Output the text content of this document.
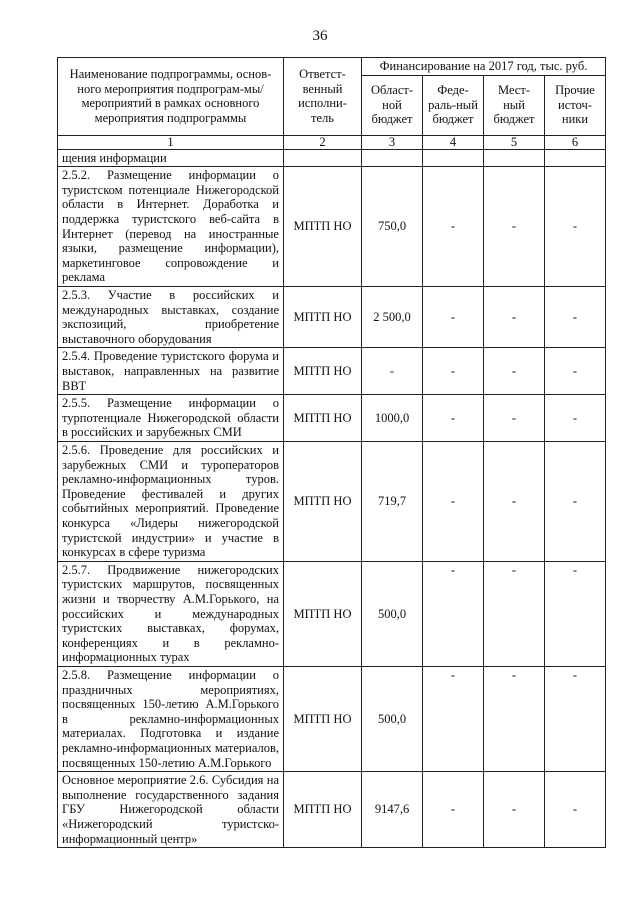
36
Наименование подпрограммы, основ-ного мероприятия подпрограм-мы/мероприятий в рамках основного мероприятия подпрограммы	Ответст-венный исполни-тель	Финансирование на 2017 год, тыс. руб.			
		Област-ной бюджет	Феде-раль-ный бюджет	Мест-ный бюджет	Прочие источ-ники
1	2	3	4	5	6
щения информации					
2.5.2. Размещение информации о туристском потенциале Нижегородской области в Интернет. Доработка и поддержка туристского веб-сайта в Интернет (перевод на иностранные языки, размещение информации), маркетинговое сопровождение и реклама	МПТП НО	750,0	-	-	-
2.5.3. Участие в российских и международных выставках, создание экспозиций, приобретение выставочного оборудования	МПТП НО	2 500,0	-	-	-
2.5.4. Проведение туристского форума и выставок, направленных на развитие ВВТ	МПТП НО	-	-	-	-
2.5.5. Размещение информации о турпотенциале Нижегородской области в российских и зарубежных СМИ	МПТП НО	1000,0	-	-	-
2.5.6. Проведение для российских и зарубежных СМИ и туроператоров рекламно-информационных туров. Проведение фестивалей и других событийных мероприятий. Проведение конкурса «Лидеры нижегородской туристской индустрии» и участие в конкурсах в сфере туризма	МПТП НО	719,7	-	-	-
2.5.7. Продвижение нижегородских туристских маршрутов, посвященных жизни и творчеству А.М.Горького, на российских и международных туристских выставках, форумах, конференциях и в рекламно-информационных турах	МПТП НО	500,0	-	-	-
2.5.8. Размещение информации о праздничных мероприятиях, посвященных 150-летию А.М.Горького в рекламно-информационных материалах. Подготовка и издание рекламно-информационных материалов, посвященных 150-летию А.М.Горького	МПТП НО	500,0	-	-	-
Основное мероприятие 2.6. Субсидия на выполнение государственного задания ГБУ Нижегородской области «Нижегородский туристско-информационный центр»	МПТП НО	9147,6	-	-	-
